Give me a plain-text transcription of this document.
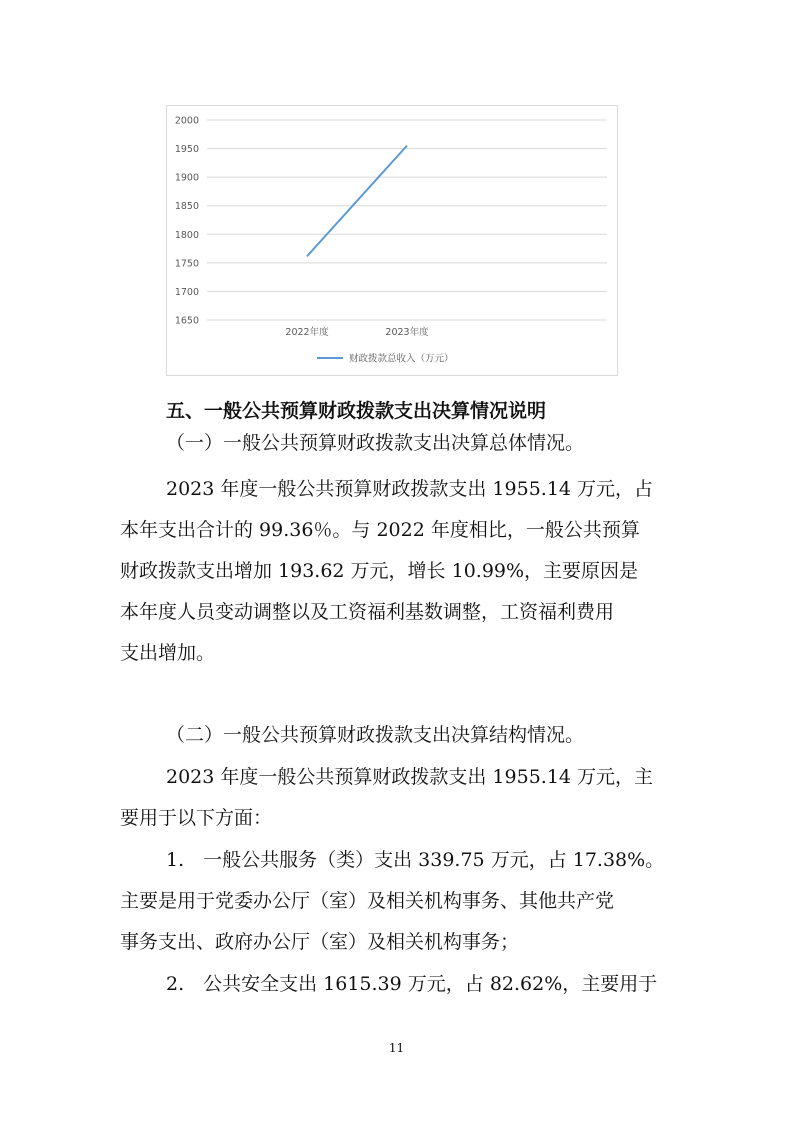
1650
1700
1750
1800
1850
1900
1950
2000
2022年度	2023年度
财政拨款总收入（万元）
五、一般公共预算财政拨款支出决算情况说明
（一）一般公共预算财政拨款支出决算总体情况。
2023 年度一般公共预算财政拨款支出 1955.14 万元，占
本年支出合计的 99.36％。与 2022 年度相比，一般公共预算
财政拨款支出增加 193.62 万元，增长 10.99%，主要原因是
本年度人员变动调整以及工资福利基数调整，工资福利费用
支出增加。
（二）一般公共预算财政拨款支出决算结构情况。
2023 年度一般公共预算财政拨款支出 1955.14 万元，主
要用于以下方面：
1.　一般公共服务（类）支出 339.75 万元，占 17.38%。
主要是用于党委办公厅（室）及相关机构事务、其他共产党
事务支出、政府办公厅（室）及相关机构事务；
2.　公共安全支出 1615.39 万元，占 82.62%，主要用于
11
